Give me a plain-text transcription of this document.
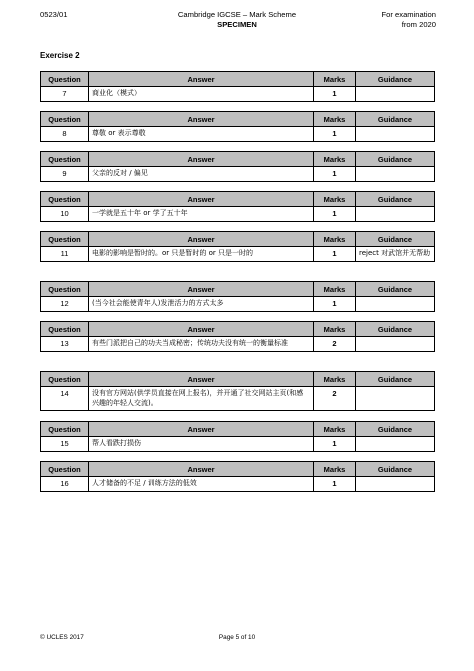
0523/01	Cambridge IGCSE – Mark Scheme
SPECIMEN
For examination
from 2020
Exercise 2
Question	Answer	Marks	Guidance
7	商业化（模式）	1	
Question	Answer	Marks	Guidance
8	尊敬 or 表示尊敬	1	
Question	Answer	Marks	Guidance
9	父亲的反对 / 偏见	1	
Question	Answer	Marks	Guidance
10	一学就是五十年 or 学了五十年	1	
Question	Answer	Marks	Guidance
11	电影的影响是暂时的。or 只是暂时的 or 只是一时的	1	reject 对武馆并无帮助
Question	Answer	Marks	Guidance
12	(当今社会能使青年人)发泄活力的方式太多	1	
Question	Answer	Marks	Guidance
13	有些门派把自己的功夫当成秘密；传统功夫没有统一的衡量标准	2	
Question	Answer	Marks	Guidance
14	没有官方网站(供学员直接在网上报名)，并开通了社交网站主页(和感兴趣的年轻人交流)。	2	
Question	Answer	Marks	Guidance
15	帮人看跌打损伤	1	
Question	Answer	Marks	Guidance
16	人才储备的不足 / 训练方法的低效	1	
© UCLES 2017	Page 5 of 10
